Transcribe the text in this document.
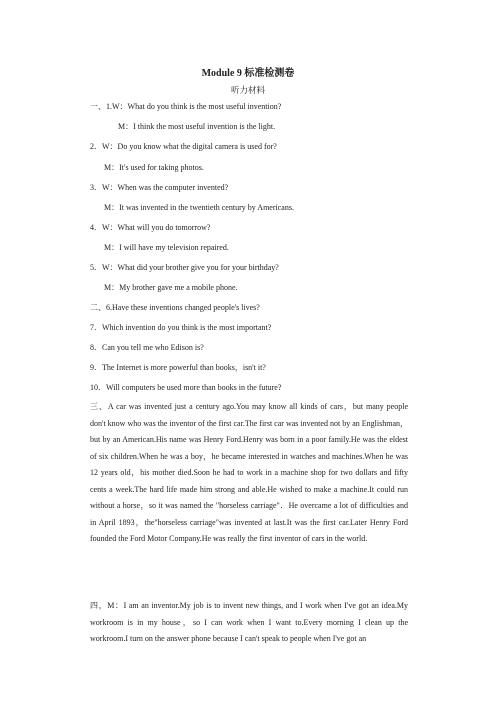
Module 9 标准检测卷
听力材料
一、1.W：What do you think is the most useful invention?
M：I think the most useful invention is the light.
2．W：Do you know what the digital camera is used for?
M：It's used for taking photos.
3．W：When was the computer invented?
M：It was invented in the twentieth century by Americans.
4．W：What will you do tomorrow?
M：I will have my television repaired.
5．W：What did your brother give you for your birthday?
M：My brother gave me a mobile phone.
二、6.Have these inventions changed people's lives?
7．Which invention do you think is the most important?
8．Can you tell me who Edison is?
9．The Internet is more powerful than books，isn't it?
10．Will computers be used more than books in the future?
三、A car was invented just a century ago.You may know all kinds of cars，but many people don't know who was the inventor of the first car.The first car was invented not by an Englishman，but by an American.His name was Henry Ford.Henry was born in a poor family.He was the eldest of six children.When he was a boy，he became interested in watches and machines.When he was 12 years old，his mother died.Soon he had to work in a machine shop for two dollars and fifty cents a week.The hard life made him strong and able.He wished to make a machine.It could run without a horse，so it was named the "horseless carriage"．He overcame a lot of difficulties and in April 1893，the"horseless carriage"was invented at last.It was the first car.Later Henry Ford founded the Ford Motor Company.He was really the first inventor of cars in the world.
四，M：I am an inventor.My job is to invent new things, and I work when I've got an idea.My workroom is in my house，so I can work when I want to.Every morning I clean up the workroom.I turn on the answer phone because I can't speak to people when I've got an
